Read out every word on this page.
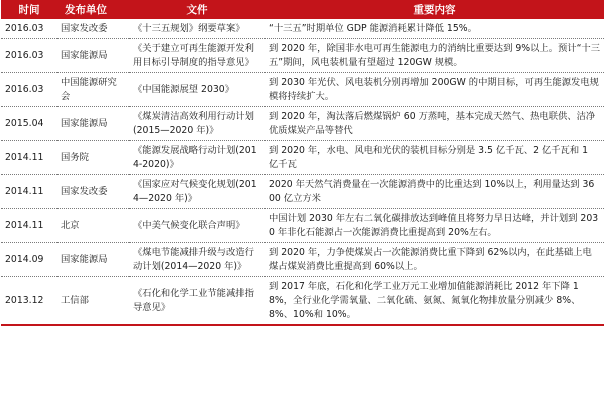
时间	发布单位	文件	重要内容
2016.03	国家发改委	《十三五规划》纲要草案》	“十三五”时期单位 GDP 能源消耗累计降低 15%。
2016.03	国家能源局	《关于建立可再生能源开发利用目标引导制度的指导意见》	到 2020 年，除国非水电可再生能源电力的消纳比重要达到 9%以上。预计“十三五”期间，风电装机量有望超过 120GW 规模。
2016.03	中国能源研究会	《中国能源展望 2030》	到 2030 年光伏、风电装机分别再增加 200GW 的中期目标，可再生能源发电规模将持续扩大。
2015.04	国家能源局	《煤炭清洁高效利用行动计划(2015—2020 年)》	到 2020 年，淘汰落后燃煤锅炉 60 万蒸吨，基本完成天然气、热电联供、洁净优质煤炭产品等替代
2014.11	国务院	《能源发展战略行动计划(2014-2020)》	到 2020 年，水电、风电和光伏的装机目标分别是 3.5 亿千瓦、2 亿千瓦和 1 亿千瓦
2014.11	国家发改委	《国家应对气候变化规划(2014—2020 年)》	2020 年天然气消费量在一次能源消费中的比重达到 10%以上，利用量达到 3600 亿立方米
2014.11	北京	《中美气候变化联合声明》	中国计划 2030 年左右二氧化碳排放达到峰值且将努力早日达峰，并计划到 2030 年非化石能源占一次能源消费比重提高到 20%左右。
2014.09	国家能源局	《煤电节能减排升级与改造行动计划(2014—2020 年)》	到 2020 年，力争使煤炭占一次能源消费比重下降到 62%以内，在此基础上电煤占煤炭消费比重提高到 60%以上。
2013.12	工信部	《石化和化学工业节能减排指导意见》	到 2017 年底，石化和化学工业万元工业增加值能源消耗比 2012 年下降 18%，全行业化学需氧量、二氧化硫、氨氮、氮氧化物排放量分别减少 8%、8%、10%和 10%。
